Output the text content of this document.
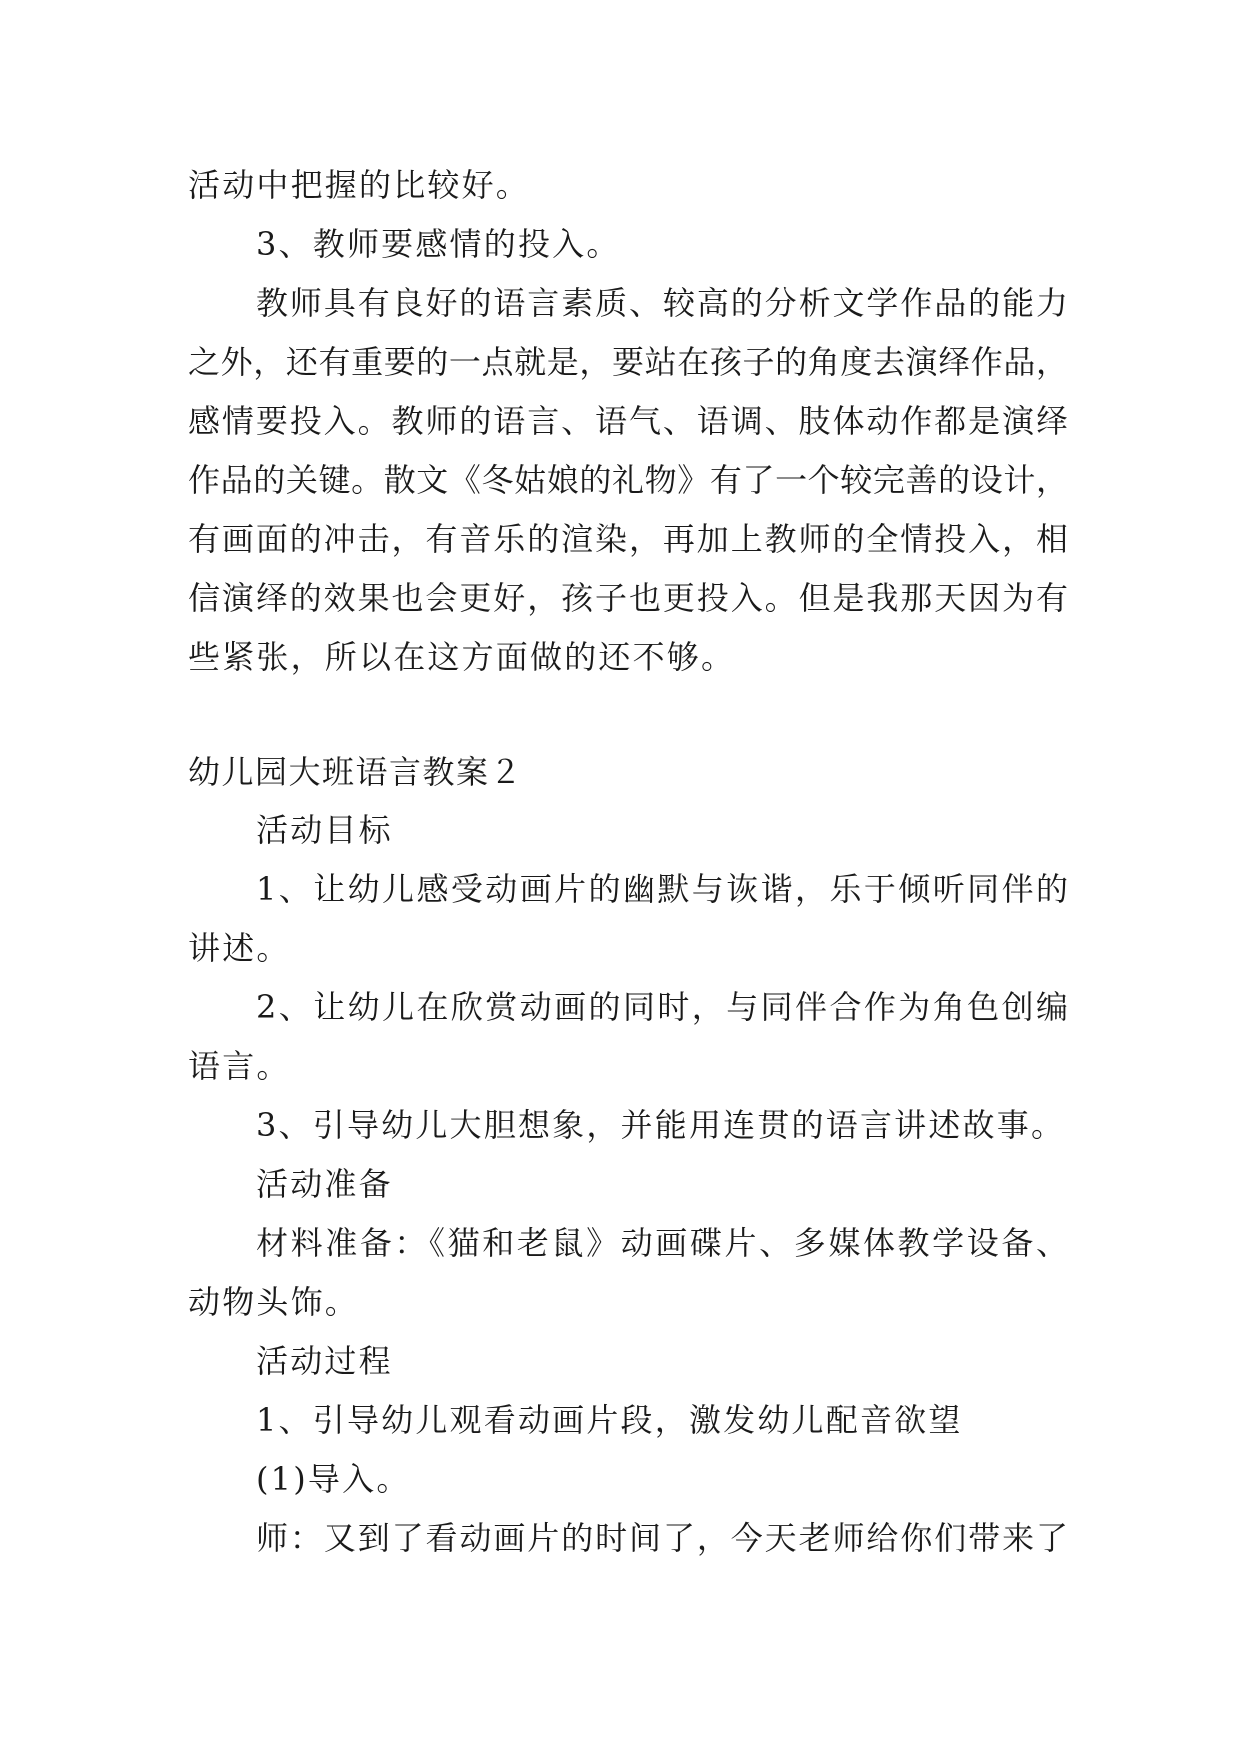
活动中把握的比较好。
3、教师要感情的投入。
教师具有良好的语言素质、较高的分析文学作品的能力
之外，还有重要的一点就是，要站在孩子的角度去演绎作品，
感情要投入。教师的语言、语气、语调、肢体动作都是演绎
作品的关键。散文《冬姑娘的礼物》有了一个较完善的设计，
有画面的冲击，有音乐的渲染，再加上教师的全情投入，相
信演绎的效果也会更好，孩子也更投入。但是我那天因为有
些紧张，所以在这方面做的还不够。
幼儿园大班语言教案２
活动目标
1、让幼儿感受动画片的幽默与诙谐，乐于倾听同伴的
讲述。
2、让幼儿在欣赏动画的同时，与同伴合作为角色创编
语言。
3、引导幼儿大胆想象，并能用连贯的语言讲述故事。
活动准备
材料准备：《猫和老鼠》动画碟片、多媒体教学设备、
动物头饰。
活动过程
1、引导幼儿观看动画片段，激发幼儿配音欲望
(1)导入。
师：又到了看动画片的时间了，今天老师给你们带来了
